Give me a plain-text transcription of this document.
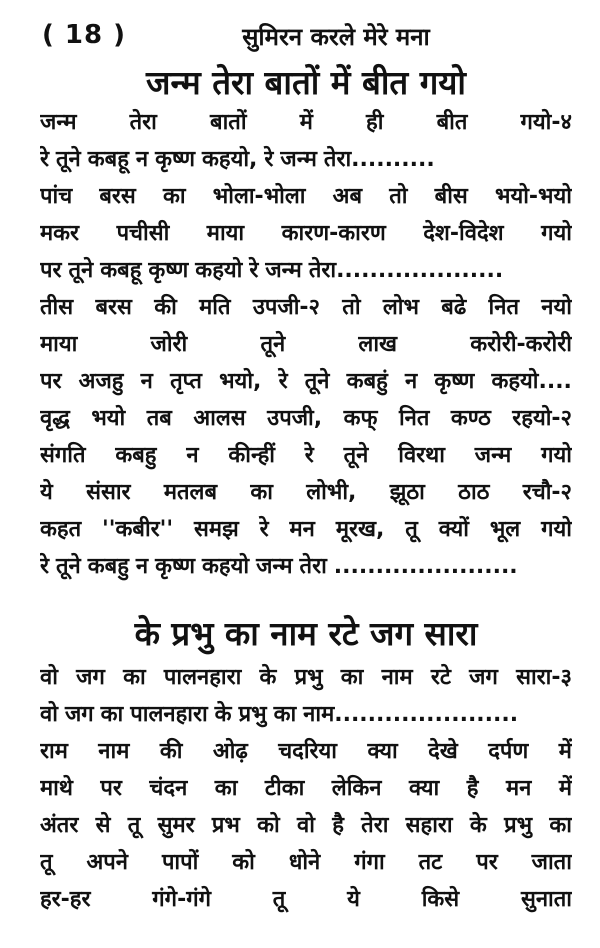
( 18 )	सुमिरन करले मेरे मना
जन्म तेरा बातों में बीत गयो
जन्म तेरा बातों में ही बीत गयो-४
रे तूने कबहू न कृष्ण कहयो, रे जन्म तेरा..........
पांच बरस का भोला-भोला अब तो बीस भयो-भयो
मकर पचीसी माया कारण-कारण देश-विदेश गयो
पर तूने कबहू कृष्ण कहयो रे जन्म तेरा....................
तीस बरस की मति उपजी-२ तो लोभ बढे नित नयो
माया	जोरी	तूने	लाख	करोरी-करोरी
पर अजहु न तृप्त भयो, रे तूने कबहुं न कृष्ण कहयो....
वृद्ध भयो तब आलस उपजी, कफ् नित कण्ठ रहयो-२
संगति कबहु न कीन्हीं रे तूने विरथा जन्म गयो
ये संसार मतलब का लोभी, झूठा ठाठ रचौ-२
कहत ''कबीर'' समझ रे मन मूरख, तू क्यों भूल गयो
रे तूने कबहु न कृष्ण कहयो जन्म तेरा ......................
के प्रभु का नाम रटे जग सारा
वो जग का पालनहारा के प्रभु का नाम रटे जग सारा-३
वो जग का पालनहारा के प्रभु का नाम......................
राम नाम की ओढ़ चदरिया क्या देखे दर्पण में
माथे पर चंदन का टीका लेकिन क्या है मन में
अंतर से तू सुमर प्रभ को वो है तेरा सहारा के प्रभु का
तू अपने पापों को धोने गंगा तट पर जाता
हर-हर	गंगे-गंगे	तू	ये	किसे	सुनाता
